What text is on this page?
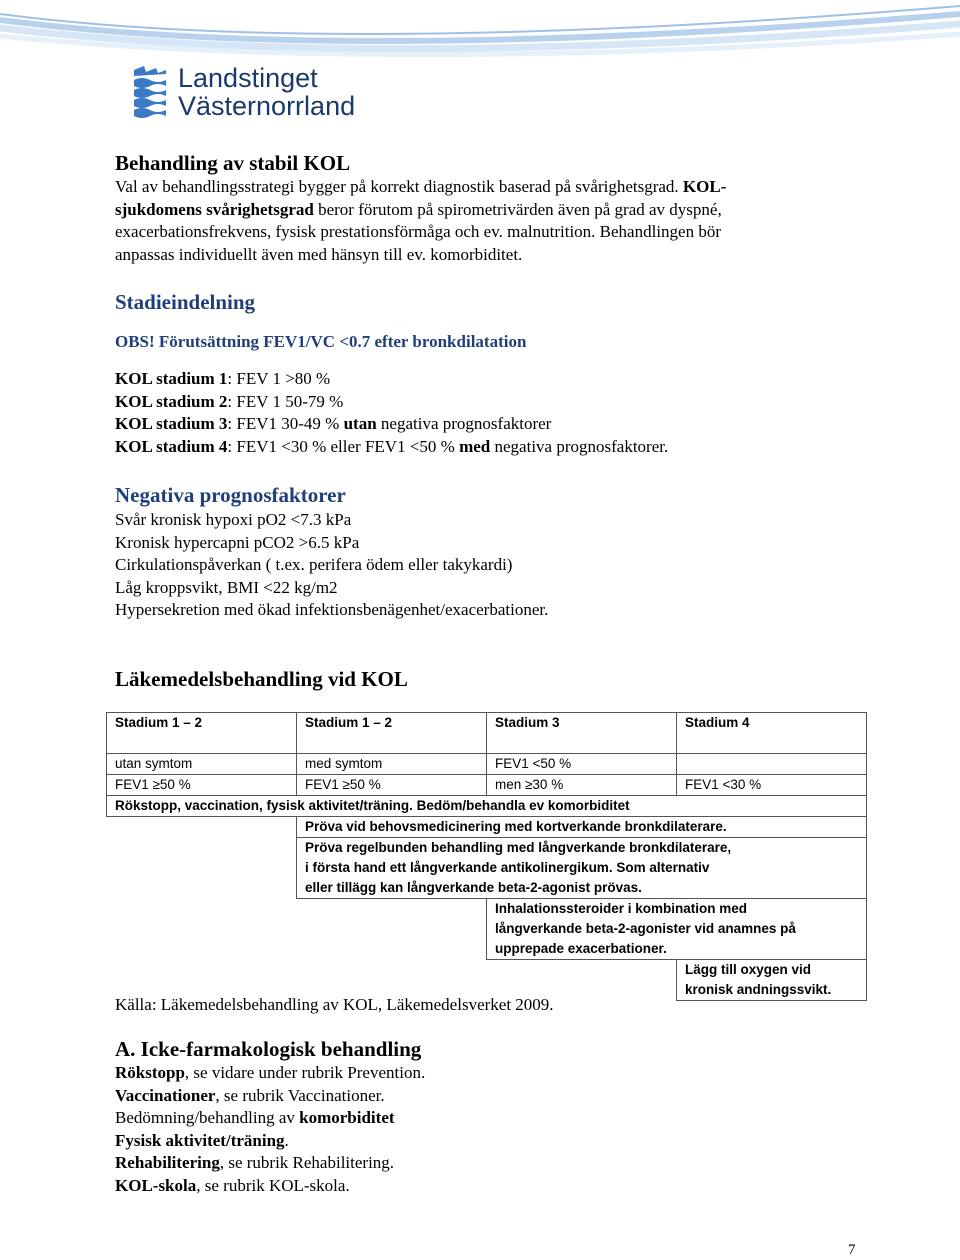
Landstinget
Västernorrland
Behandling av stabil KOL
Val av behandlingsstrategi bygger på korrekt diagnostik baserad på svårighetsgrad. KOL-
sjukdomens svårighetsgrad beror förutom på spirometrivärden även på grad av dyspné,
exacerbationsfrekvens, fysisk prestationsförmåga och ev. malnutrition. Behandlingen bör
anpassas individuellt även med hänsyn till ev. komorbiditet.
Stadieindelning
OBS! Förutsättning FEV1/VC <0.7 efter bronkdilatation
KOL stadium 1: FEV 1 >80 %
KOL stadium 2: FEV 1 50-79 %
KOL stadium 3: FEV1 30-49 % utan negativa prognosfaktorer
KOL stadium 4: FEV1 <30 % eller FEV1 <50 % med negativa prognosfaktorer.
Negativa prognosfaktorer
Svår kronisk hypoxi pO2 <7.3 kPa
Kronisk hypercapni pCO2 >6.5 kPa
Cirkulationspåverkan ( t.ex. perifera ödem eller takykardi)
Låg kroppsvikt, BMI <22 kg/m2
Hypersekretion med ökad infektionsbenägenhet/exacerbationer.
Läkemedelsbehandling vid KOL
Stadium 1 – 2	Stadium 1 – 2	Stadium 3	Stadium 4
utan symtom	med symtom	FEV1 <50 %	
FEV1 ≥50 %	FEV1 ≥50 %	men ≥30 %	FEV1 <30 %
Rökstopp, vaccination, fysisk aktivitet/träning. Bedöm/behandla ev komorbiditet			
	Pröva vid behovsmedicinering med kortverkande bronkdilaterare.		

	Pröva regelbunden behandling med långverkande bronkdilaterare,
i första hand ett långverkande antikolinergikum. Som alternativ
eller tillägg kan långverkande beta-2-agonist prövas.		

		Inhalationssteroider i kombination med
långverkande beta-2-agonister vid anamnes på
upprepade exacerbationer.	

			Lägg till oxygen vid
kronisk andningssvikt.
Källa: Läkemedelsbehandling av KOL, Läkemedelsverket 2009.
A. Icke-farmakologisk behandling
Rökstopp, se vidare under rubrik Prevention.
Vaccinationer, se rubrik Vaccinationer.
Bedömning/behandling av komorbiditet
Fysisk aktivitet/träning.
Rehabilitering, se rubrik Rehabilitering.
KOL-skola, se rubrik KOL-skola.
7
